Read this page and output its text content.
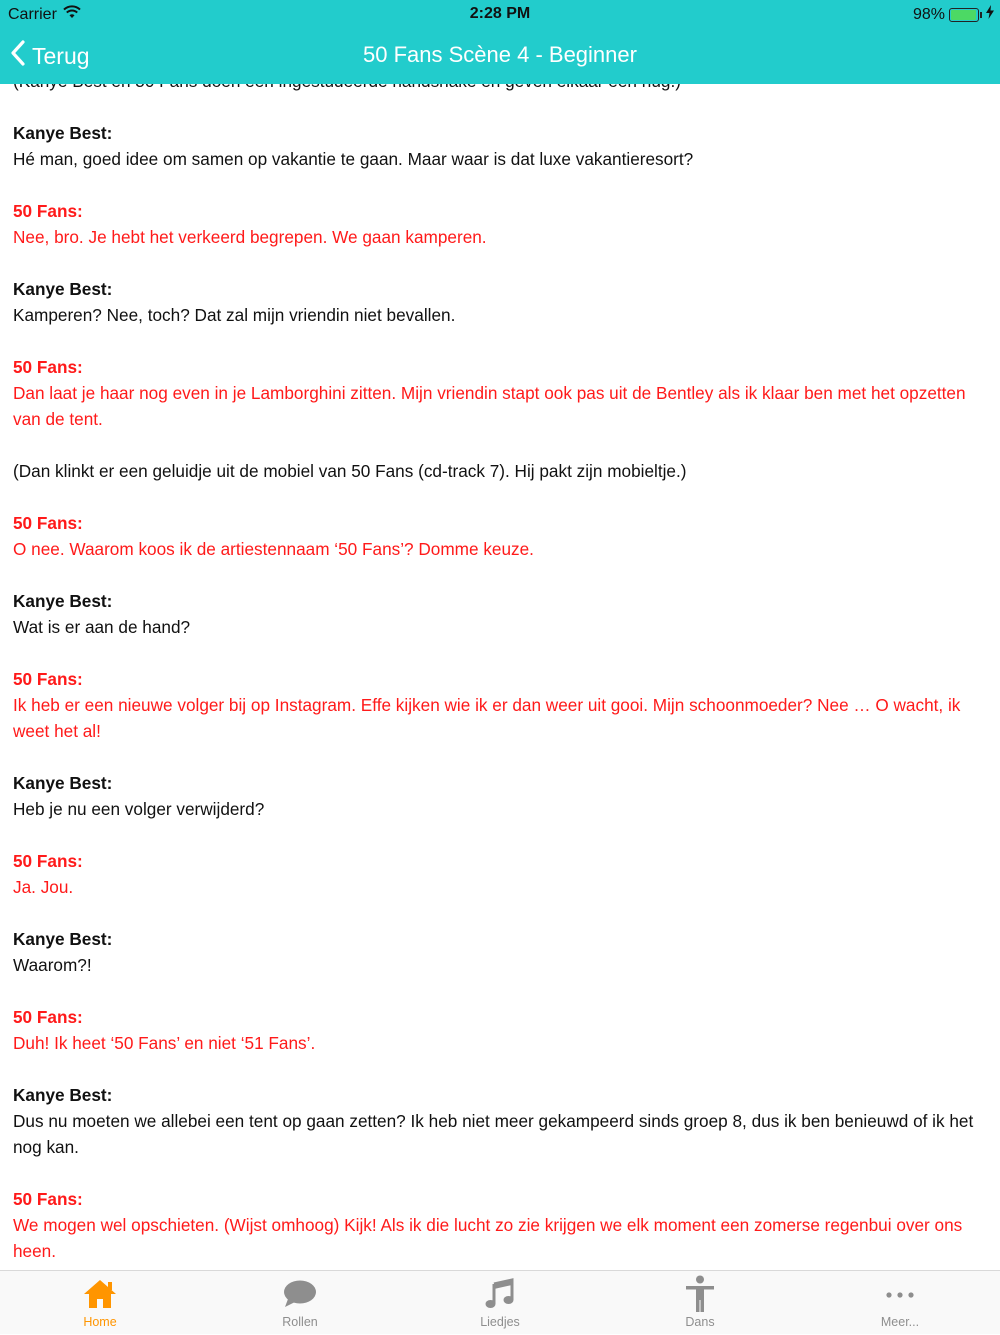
Carrier	2:28 PM	98%
Terug	50 Fans Scène 4 - Beginner
Kanye Best:
Hé man, goed idee om samen op vakantie te gaan. Maar waar is dat luxe vakantieresort?
50 Fans:
Nee, bro. Je hebt het verkeerd begrepen. We gaan kamperen.
Kanye Best:
Kamperen? Nee, toch? Dat zal mijn vriendin niet bevallen.
50 Fans:
Dan laat je haar nog even in je Lamborghini zitten. Mijn vriendin stapt ook pas uit de Bentley als ik klaar ben met het opzetten van de tent.
(Dan klinkt er een geluidje uit de mobiel van 50 Fans (cd-track 7). Hij pakt zijn mobieltje.)
50 Fans:
O nee. Waarom koos ik de artiestennaam ‘50 Fans’? Domme keuze.
Kanye Best:
Wat is er aan de hand?
50 Fans:
Ik heb er een nieuwe volger bij op Instagram. Effe kijken wie ik er dan weer uit gooi. Mijn schoonmoeder? Nee … O wacht, ik weet het al!
Kanye Best:
Heb je nu een volger verwijderd?
50 Fans:
Ja. Jou.
Kanye Best:
Waarom?!
50 Fans:
Duh! Ik heet ‘50 Fans’ en niet ‘51 Fans’.
Kanye Best:
Dus nu moeten we allebei een tent op gaan zetten? Ik heb niet meer gekampeerd sinds groep 8, dus ik ben benieuwd of ik het nog kan.
50 Fans:
We mogen wel opschieten. (Wijst omhoog) Kijk! Als ik die lucht zo zie krijgen we elk moment een zomerse regenbui over ons heen.
Home	Rollen	Liedjes	Dans	Meer...
